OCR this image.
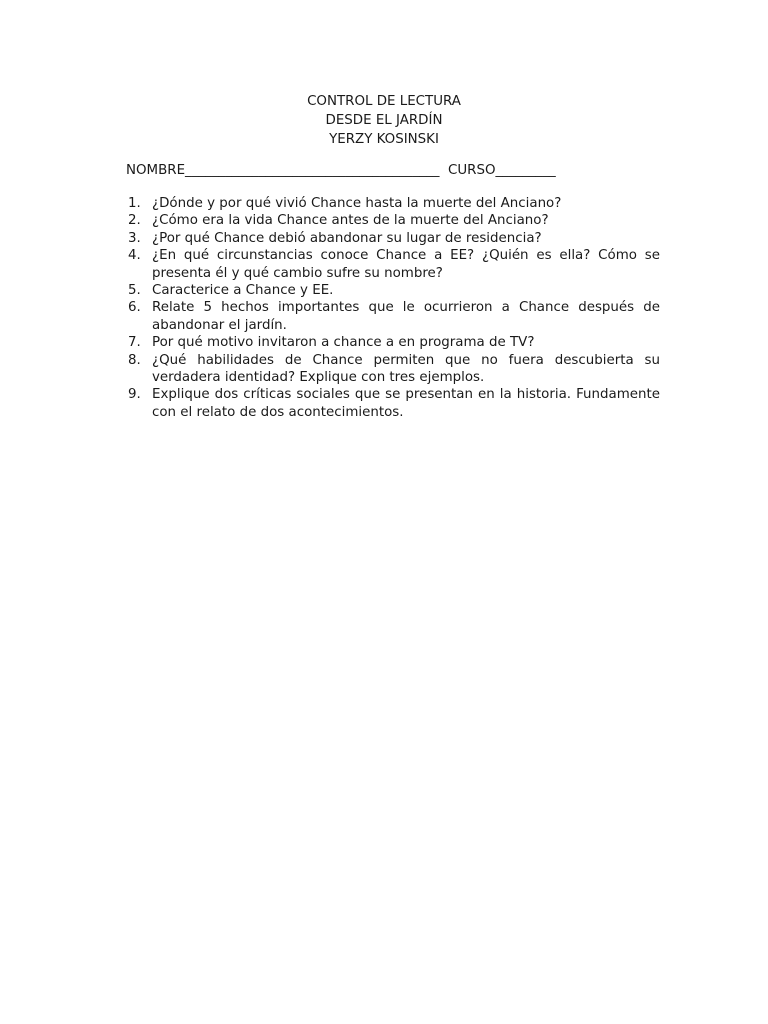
CONTROL DE LECTURA
DESDE EL JARDÍN
YERZY KOSINSKI
NOMBRE______________________________________  CURSO_________
1. ¿Dónde y por qué vivió Chance hasta la muerte del Anciano?
2. ¿Cómo era la vida Chance antes de la muerte del Anciano?
3. ¿Por qué Chance debió abandonar su lugar de residencia?
4. ¿En qué circunstancias conoce Chance a EE? ¿Quién es ella? Cómo se presenta él y qué cambio sufre su nombre?
5. Caracterice a Chance y EE.
6. Relate 5 hechos importantes que le ocurrieron a Chance después de abandonar el jardín.
7. Por qué motivo invitaron a chance a en programa de TV?
8. ¿Qué habilidades de Chance permiten que no fuera descubierta su verdadera identidad? Explique con tres ejemplos.
9. Explique dos críticas sociales que se presentan en la historia. Fundamente con el relato de dos acontecimientos.
